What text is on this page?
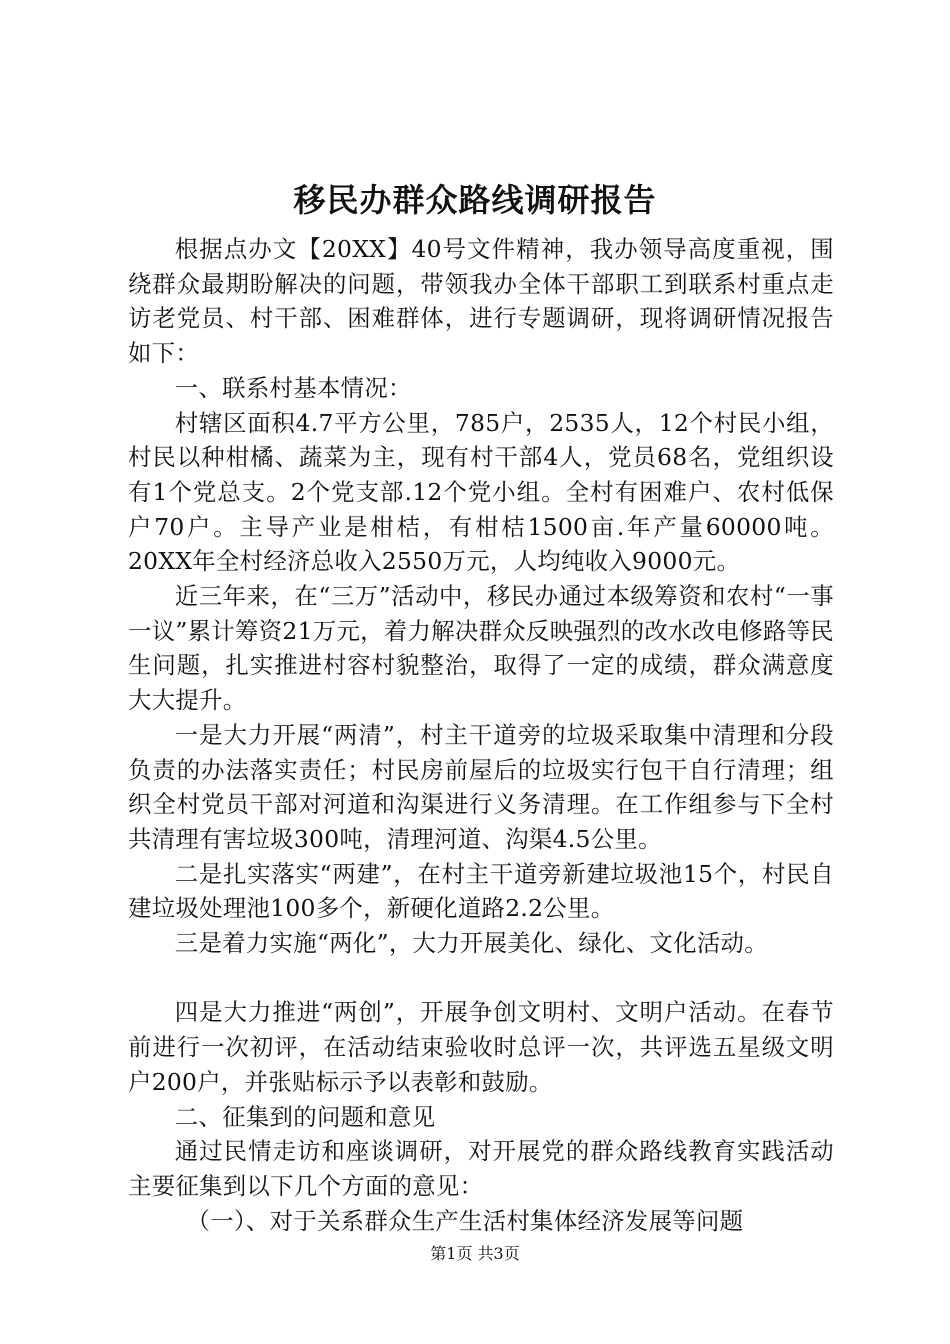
移民办群众路线调研报告

根据点办文【20XX】40号文件精神，我办领导高度重视，围绕群众最期盼解决的问题，带领我办全体干部职工到联系村重点走访老党员、村干部、困难群体，进行专题调研，现将调研情况报告如下：

一、联系村基本情况：

村辖区面积4.7平方公里，785户，2535人，12个村民小组，村民以种柑橘、蔬菜为主，现有村干部4人，党员68名，党组织设有1个党总支。2个党支部.12个党小组。全村有困难户、农村低保户70户。主导产业是柑桔，有柑桔1500亩.年产量60000吨。20XX年全村经济总收入2550万元，人均纯收入9000元。

近三年来，在“三万”活动中，移民办通过本级筹资和农村“一事一议”累计筹资21万元，着力解决群众反映强烈的改水改电修路等民生问题，扎实推进村容村貌整治，取得了一定的成绩，群众满意度大大提升。

一是大力开展“两清”，村主干道旁的垃圾采取集中清理和分段负责的办法落实责任；村民房前屋后的垃圾实行包干自行清理；组织全村党员干部对河道和沟渠进行义务清理。在工作组参与下全村共清理有害垃圾300吨，清理河道、沟渠4.5公里。

二是扎实落实“两建”，在村主干道旁新建垃圾池15个，村民自建垃圾处理池100多个，新硬化道路2.2公里。

三是着力实施“两化”，大力开展美化、绿化、文化活动。

四是大力推进“两创”，开展争创文明村、文明户活动。在春节前进行一次初评，在活动结束验收时总评一次，共评选五星级文明户200户，并张贴标示予以表彰和鼓励。

二、征集到的问题和意见

通过民情走访和座谈调研，对开展党的群众路线教育实践活动主要征集到以下几个方面的意见：

（一）、对于关系群众生产生活村集体经济发展等问题

第1页 共3页
